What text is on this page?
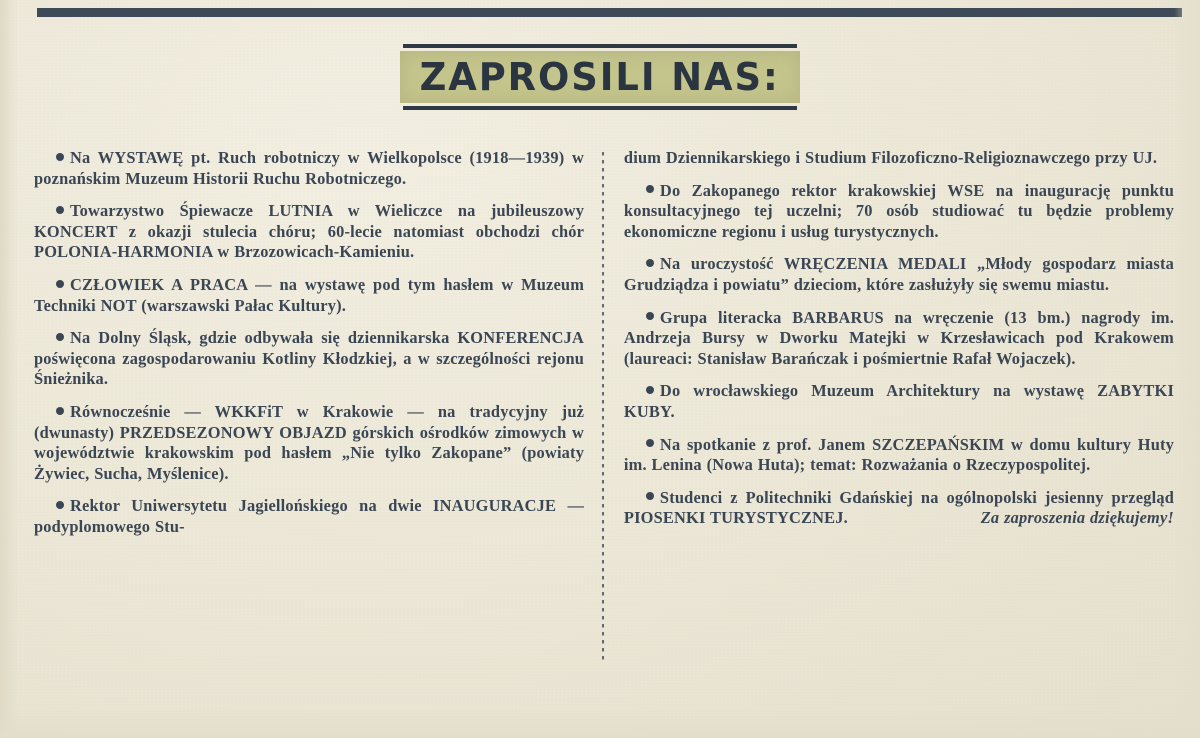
ZAPROSILI NAS:

Na WYSTAWĘ pt. Ruch robotniczy w Wielkopolsce (1918—1939) w poznańskim Muzeum Historii Ruchu Robotniczego.

Towarzystwo Śpiewacze LUTNIA w Wieliczce na jubileuszowy KONCERT z okazji stulecia chóru; 60-lecie natomiast obchodzi chór POLONIA-HARMONIA w Brzozowicach-Kamieniu.

CZŁOWIEK A PRACA — na wystawę pod tym hasłem w Muzeum Techniki NOT (warszawski Pałac Kultury).

Na Dolny Śląsk, gdzie odbywała się dziennikarska KONFERENCJA poświęcona zagospodarowaniu Kotliny Kłodzkiej, a w szczególności rejonu Śnieżnika.

Równocześnie — WKKFiT w Krakowie — na tradycyjny już (dwunasty) PRZEDSEZONOWY OBJAZD górskich ośrodków zimowych w województwie krakowskim pod hasłem „Nie tylko Zakopane” (powiaty Żywiec, Sucha, Myślenice).

Rektor Uniwersytetu Jagiellońskiego na dwie INAUGURACJE — podyplomowego Stu-

dium Dziennikarskiego i Studium Filozoficzno-Religioznawczego przy UJ.

Do Zakopanego rektor krakowskiej WSE na inaugurację punktu konsultacyjnego tej uczelni; 70 osób studiować tu będzie problemy ekonomiczne regionu i usług turystycznych.

Na uroczystość WRĘCZENIA MEDALI „Młody gospodarz miasta Grudziądza i powiatu” dzieciom, które zasłużyły się swemu miastu.

Grupa literacka BARBARUS na wręczenie (13 bm.) nagrody im. Andrzeja Bursy w Dworku Matejki w Krzesławicach pod Krakowem (laureaci: Stanisław Barańczak i pośmiertnie Rafał Wojaczek).

Do wrocławskiego Muzeum Architektury na wystawę ZABYTKI KUBY.

Na spotkanie z prof. Janem SZCZEPAŃSKIM w domu kultury Huty im. Lenina (Nowa Huta); temat: Rozważania o Rzeczypospolitej.

Studenci z Politechniki Gdańskiej na ogólnopolski jesienny przegląd PIOSENKI TURYSTYCZNEJ.	Za zaproszenia dziękujemy!
